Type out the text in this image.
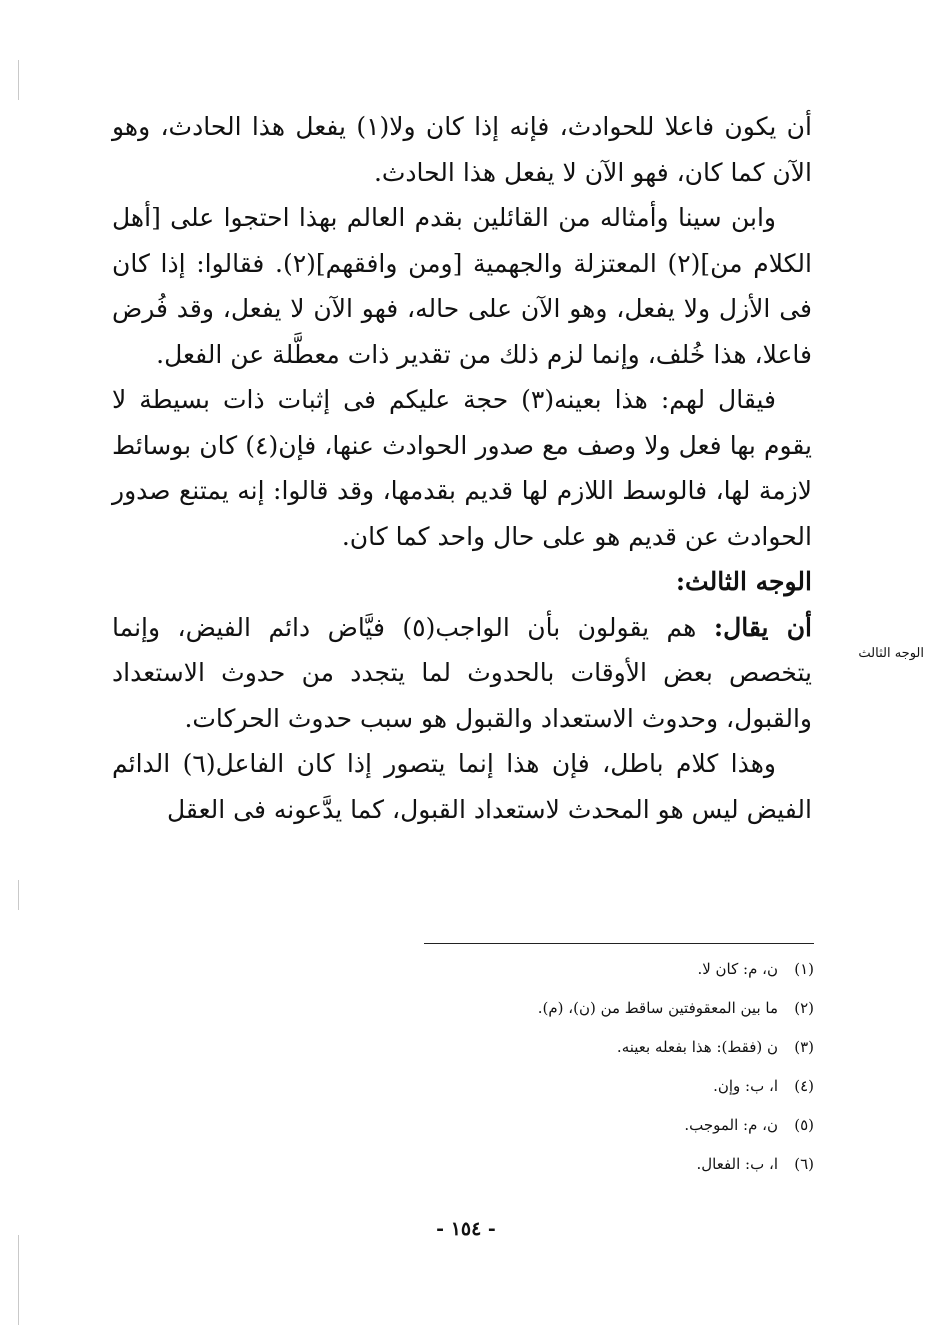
أن يكون فاعلا للحوادث، فإنه إذا كان ولا(١) يفعل هذا الحادث، وهو الآن كما كان، فهو الآن لا يفعل هذا الحادث.

وابن سينا وأمثاله من القائلين بقدم العالم بهذا احتجوا على [أهل الكلام من](٢) المعتزلة والجهمية [ومن وافقهم](٢). فقالوا: إذا كان فى الأزل ولا يفعل، وهو الآن على حاله، فهو الآن لا يفعل، وقد فُرض فاعلا، هذا خُلف، وإنما لزم ذلك من تقدير ذات معطَّلة عن الفعل.

فيقال لهم: هذا بعينه(٣) حجة عليكم فى إثبات ذات بسيطة لا يقوم بها فعل ولا وصف مع صدور الحوادث عنها، فإن(٤) كان بوسائط لازمة لها، فالوسط اللازم لها قديم بقدمها، وقد قالوا: إنه يمتنع صدور الحوادث عن قديم هو على حال واحد كما كان.

الوجه الثالث:

أن يقال: هم يقولون بأن الواجب(٥) فيَّاض دائم الفيض، وإنما يتخصص بعض الأوقات بالحدوث لما يتجدد من حدوث الاستعداد والقبول، وحدوث الاستعداد والقبول هو سبب حدوث الحركات.

وهذا كلام باطل، فإن هذا إنما يتصور إذا كان الفاعل(٦) الدائم الفيض ليس هو المحدث لاستعداد القبول، كما يدَّعونه فى العقل

الوجه الثالث
(١)ن، م: كان لا.
(٢)ما بين المعقوفتين ساقط من (ن)، (م).
(٣)ن (فقط): هذا بفعله بعينه.
(٤)ا، ب: وإن.
(٥)ن، م: الموجب.
(٦)ا، ب: الفعال.
- ١٥٤ -
